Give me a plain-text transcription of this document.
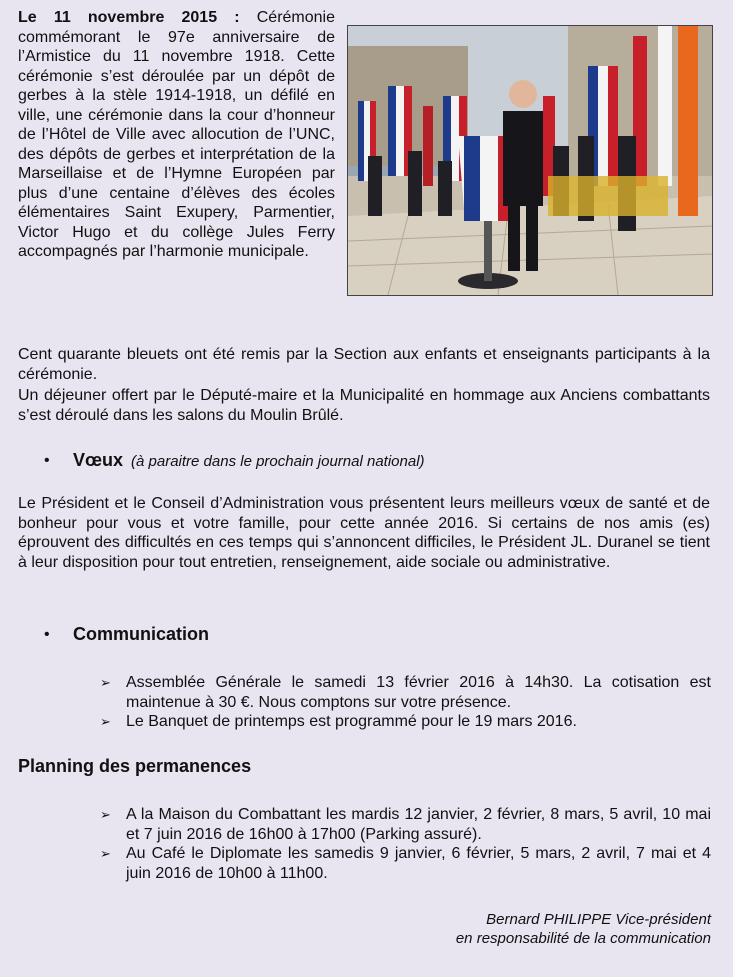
Le 11 novembre 2015 : Cérémonie commémorant le 97e anniversaire de l’Armistice du 11 novembre 1918. Cette cérémonie s’est déroulée par un dépôt de gerbes à la stèle 1914-1918, un défilé en ville, une cérémonie dans la cour d’honneur de l’Hôtel de Ville avec allocution de l’UNC, des dépôts de gerbes et interprétation de la Marseillaise et de l’Hymne Européen par plus d’une centaine d’élèves des écoles élémentaires Saint Exupery, Parmentier, Victor Hugo et du collège Jules Ferry accompagnés par l’harmonie municipale.

Cent quarante bleuets ont été remis par la Section aux enfants et enseignants participants à la cérémonie.

Un déjeuner offert par le Député-maire et la Municipalité en hommage aux Anciens combattants s’est déroulé dans les salons du Moulin Brûlé.

• Vœux (à paraitre dans le prochain journal national)

Le Président et le Conseil d’Administration vous présentent leurs meilleurs vœux de santé et de bonheur pour vous et votre famille, pour cette année 2016. Si certains de nos amis (es) éprouvent des difficultés en ces temps qui s’annoncent difficiles, le Président JL. Duranel se tient à leur disposition pour tout entretien, renseignement, aide sociale ou administrative.

• Communication
➢ Assemblée Générale le samedi 13 février 2016 à 14h30. La cotisation est maintenue à 30 €. Nous comptons sur votre présence.
➢ Le Banquet de printemps est programmé pour le 19 mars 2016.
Planning des permanences
➢ A la Maison du Combattant les mardis 12 janvier, 2 février, 8 mars, 5 avril, 10 mai et 7 juin 2016 de 16h00 à 17h00 (Parking assuré).
➢ Au Café le Diplomate les samedis 9 janvier, 6 février, 5 mars, 2 avril, 7 mai et 4 juin 2016 de 10h00 à 11h00.
Bernard PHILIPPE Vice-président
en responsabilité de la communication
